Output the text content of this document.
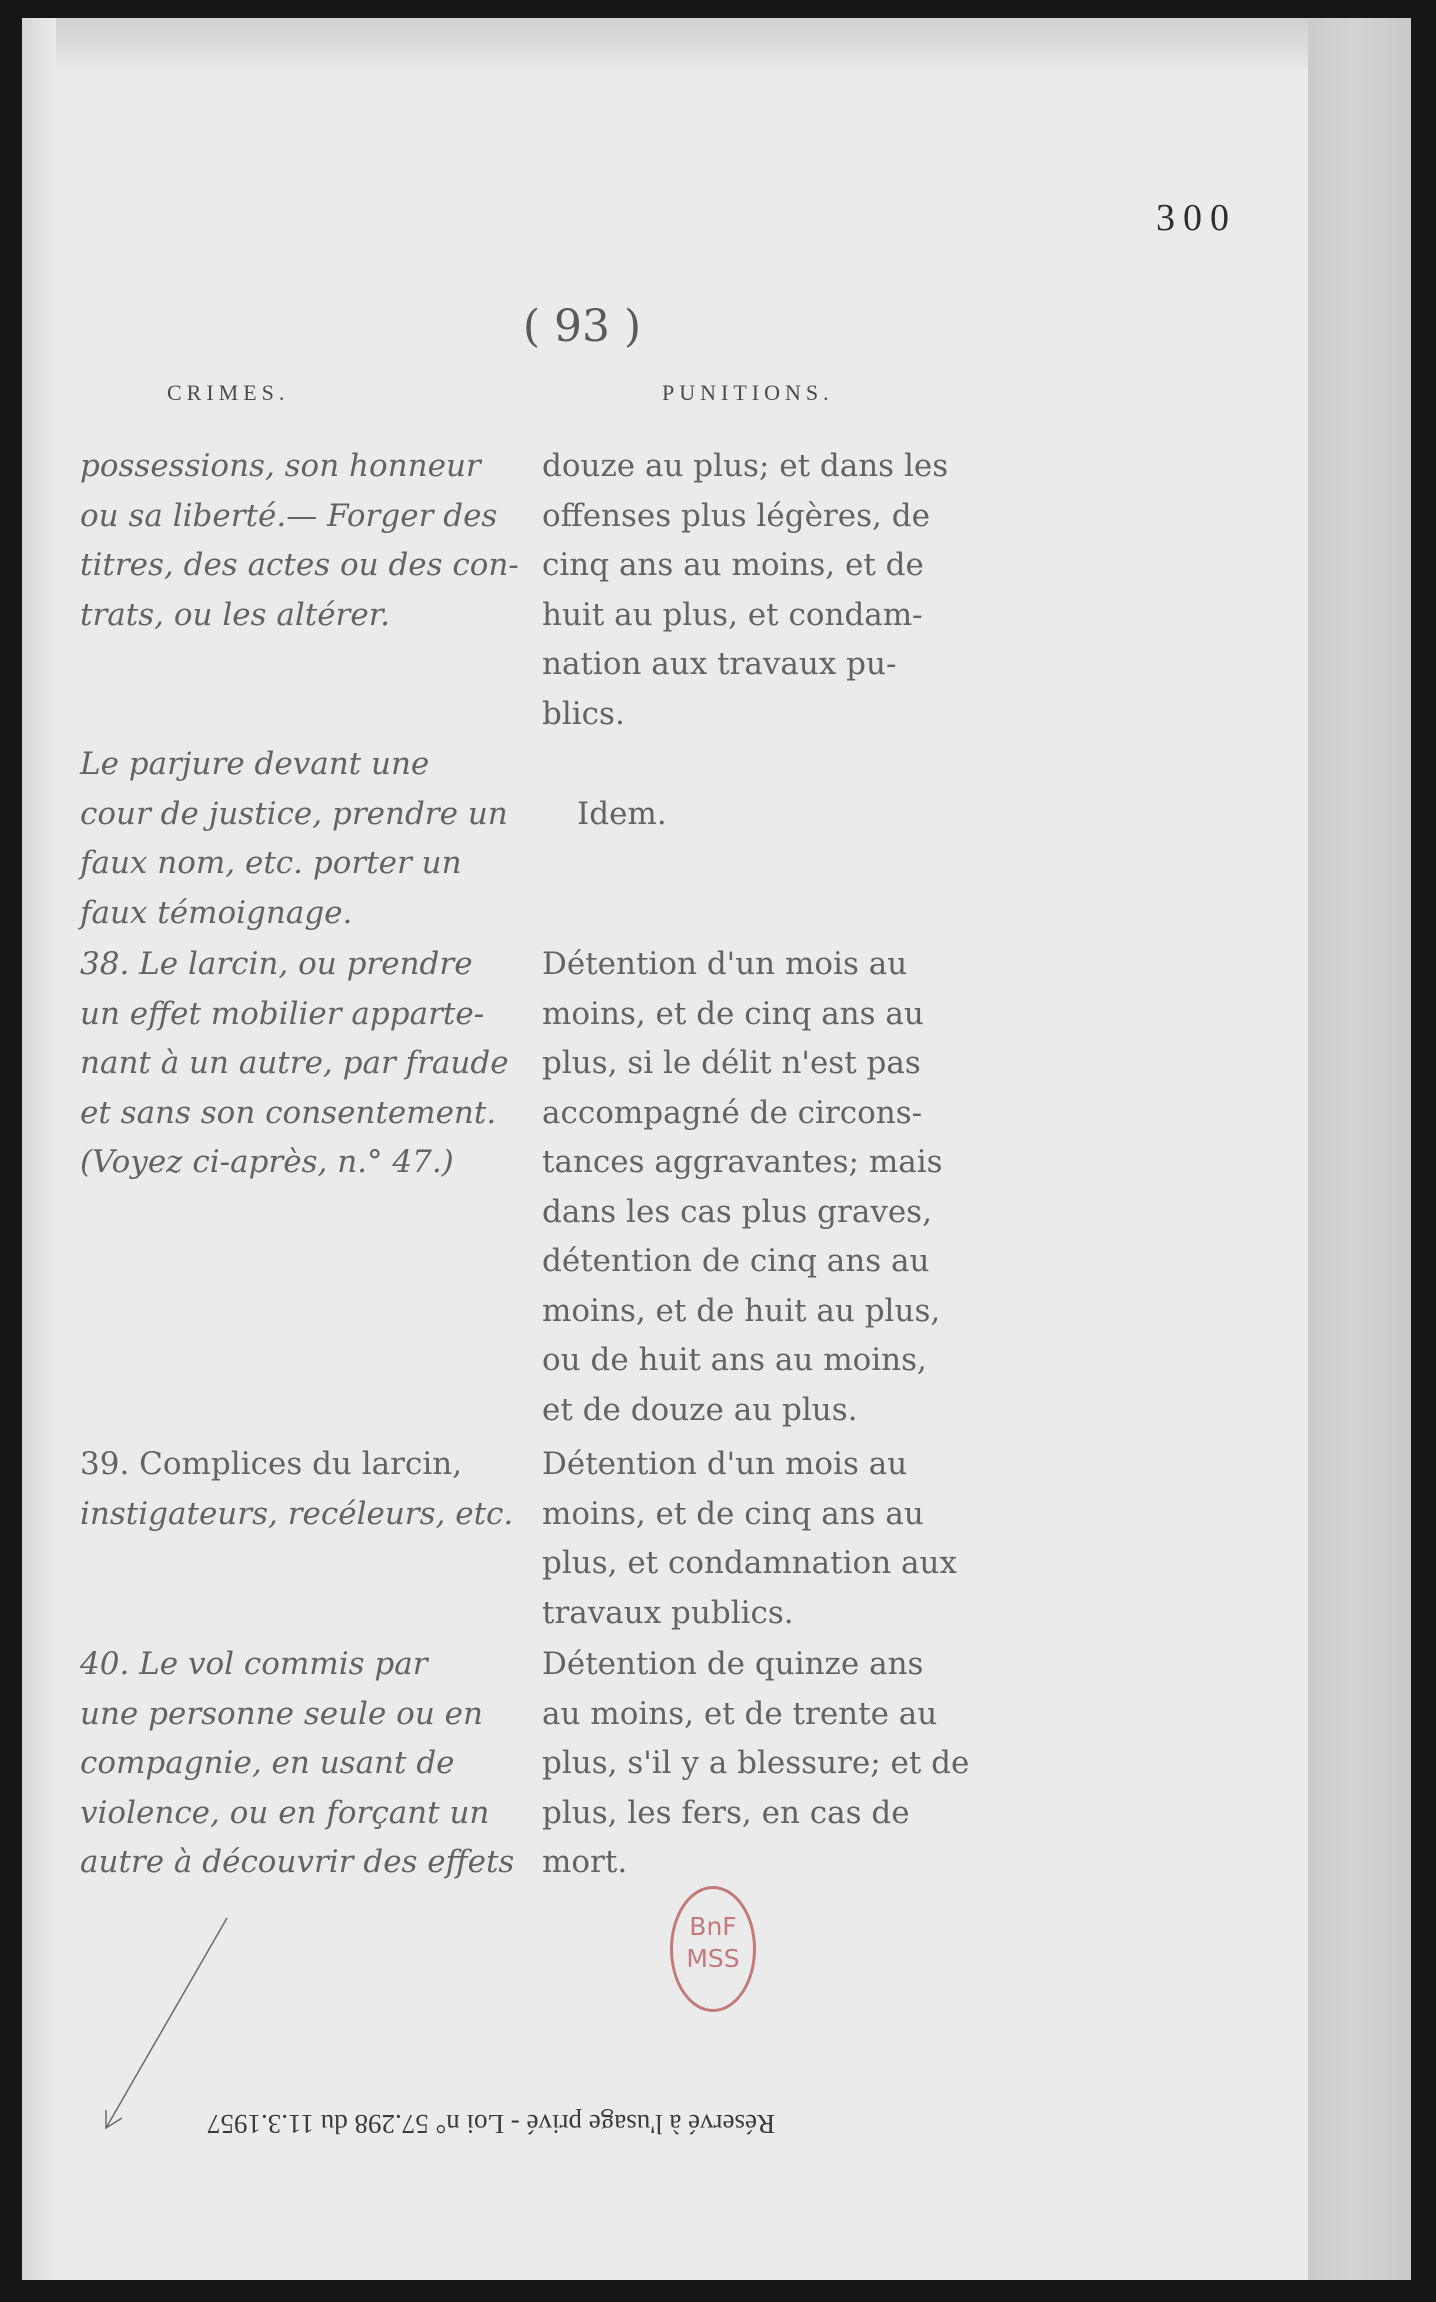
300
( 93 )
CRIMES.	PUNITIONS.

possessions, son honneur
ou sa liberté.— Forger des
titres, des actes ou des con-
trats, ou les altérer.

Le parjure devant une
cour de justice, prendre un
faux nom, etc. porter un
faux témoignage.

38. Le larcin, ou prendre
un effet mobilier apparte-
nant à un autre, par fraude
et sans son consentement.
(Voyez ci-après, n.° 47.)

39. Complices du larcin,
instigateurs, recéleurs, etc.

40. Le vol commis par
une personne seule ou en
compagnie, en usant de
violence, ou en forçant un
autre à découvrir des effets

douze au plus; et dans les
offenses plus légères, de
cinq ans au moins, et de
huit au plus, et condam-
nation aux travaux pu-
blics.

Idem.

Détention d'un mois au
moins, et de cinq ans au
plus, si le délit n'est pas
accompagné de circons-
tances aggravantes; mais
dans les cas plus graves,
détention de cinq ans au
moins, et de huit au plus,
ou de huit ans au moins,
et de douze au plus.

Détention d'un mois au
moins, et de cinq ans au
plus, et condamnation aux
travaux publics.

Détention de quinze ans
au moins, et de trente au
plus, s'il y a blessure; et de
plus, les fers, en cas de
mort.

BnF
MSS
Réservé à l'usage privé - Loi n° 57.298 du 11.3.1957
